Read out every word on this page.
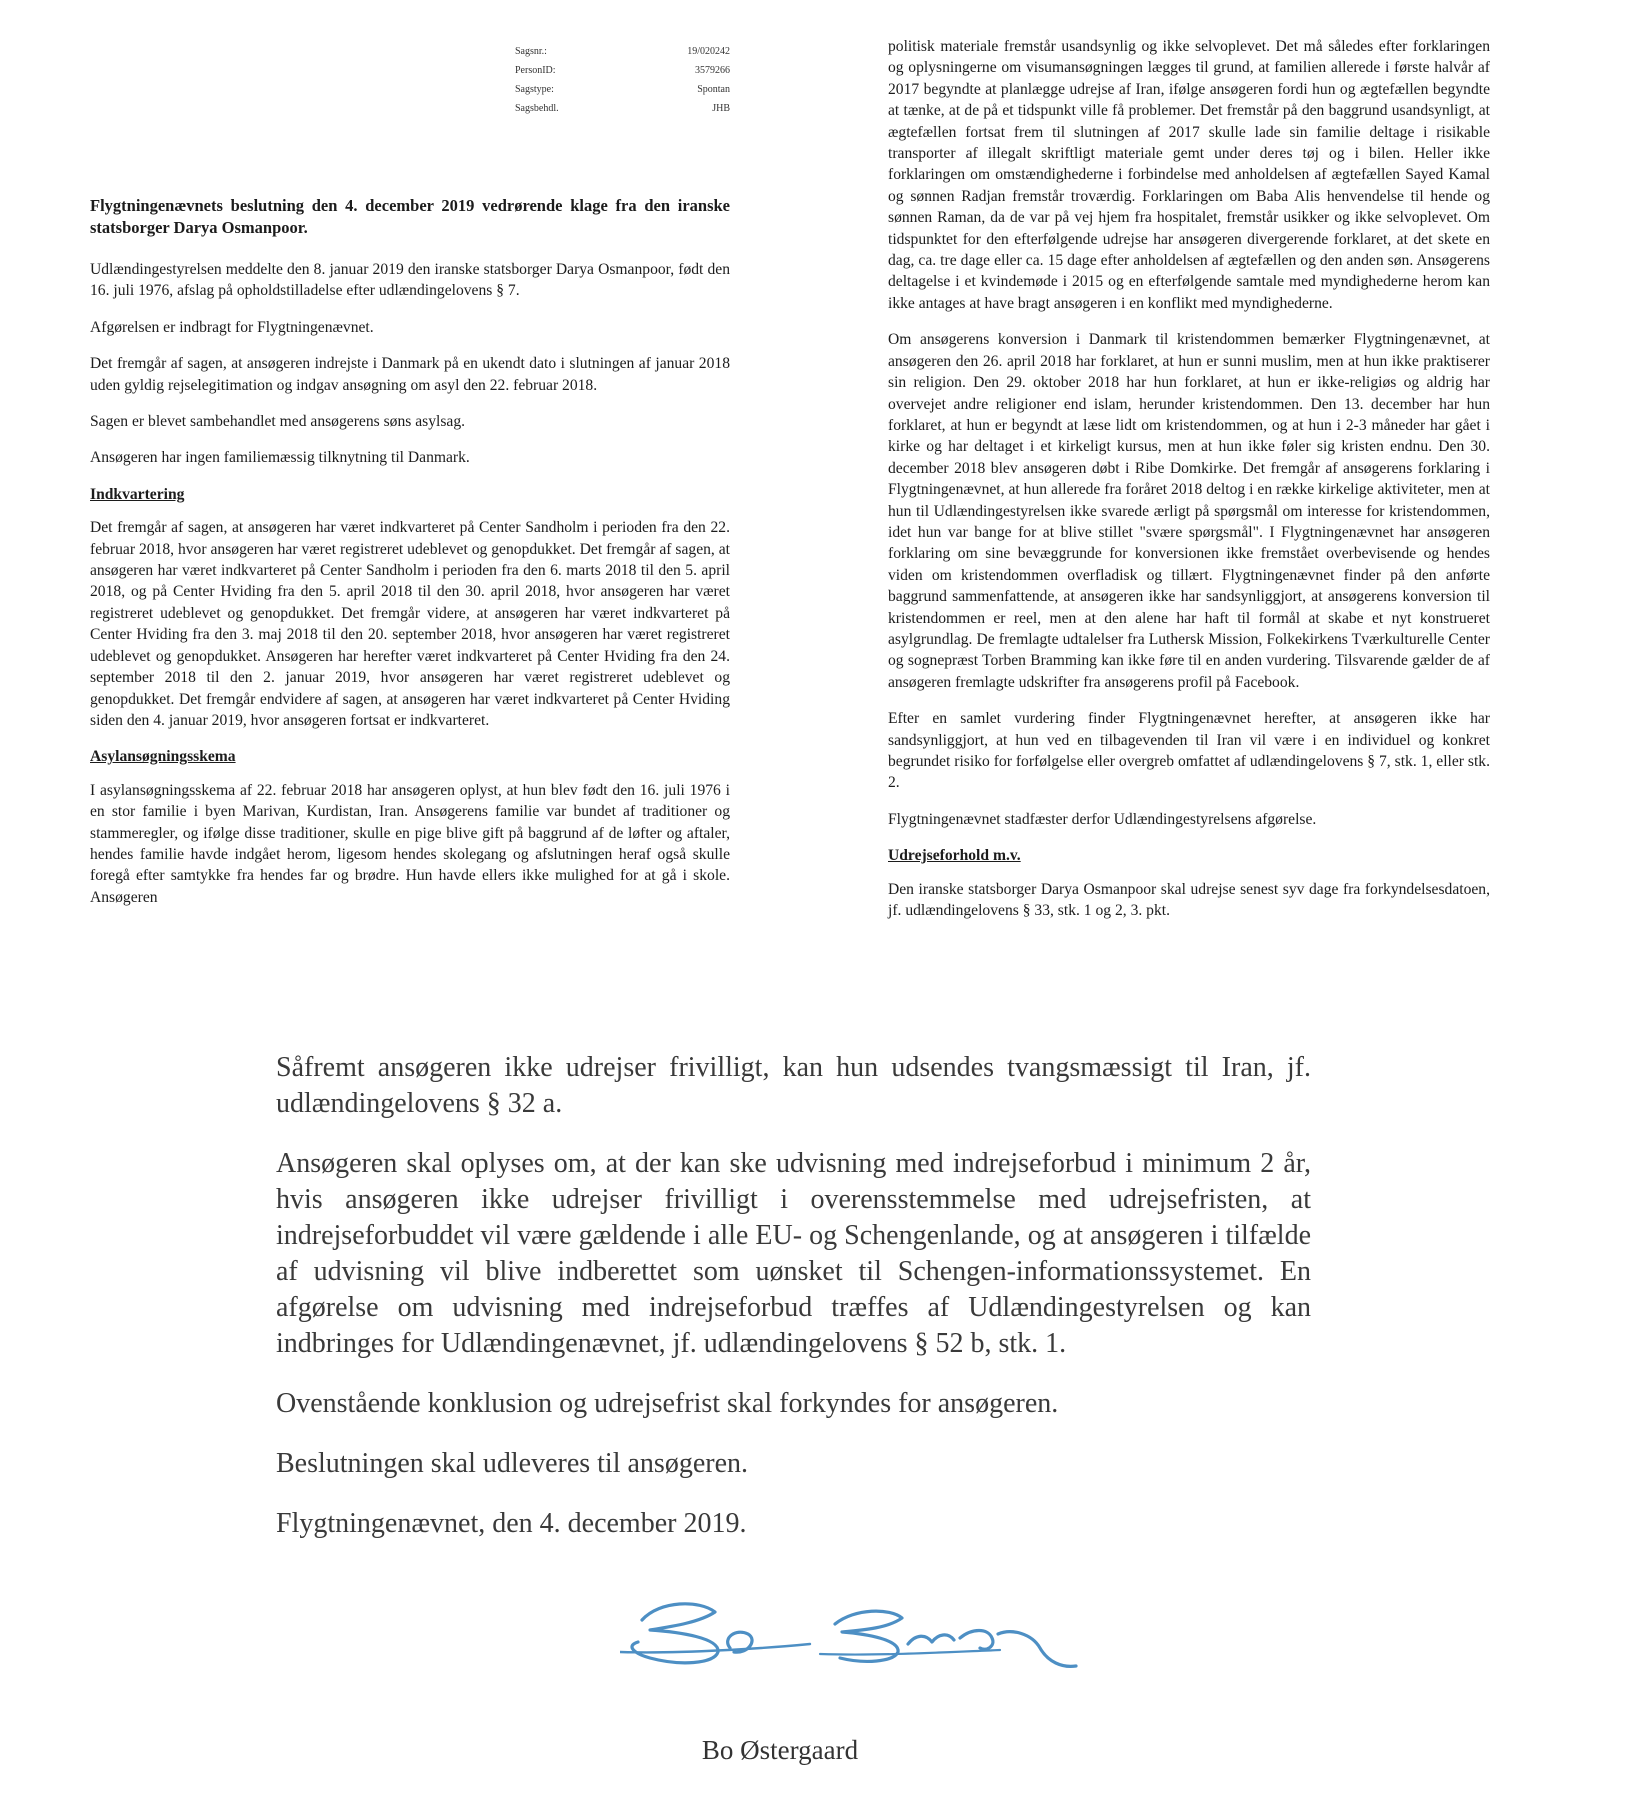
Sagsnr.:	19/020242
PersonID:	3579266
Sagstype:	Spontan
Sagsbehdl.	JHB

Flygtningenævnets beslutning den 4. december 2019 vedrørende klage fra den iranske statsborger Darya Osmanpoor.

Udlændingestyrelsen meddelte den 8. januar 2019 den iranske statsborger Darya Osmanpoor, født den 16. juli 1976, afslag på opholdstilladelse efter udlændingelovens § 7.

Afgørelsen er indbragt for Flygtningenævnet.

Det fremgår af sagen, at ansøgeren indrejste i Danmark på en ukendt dato i slutningen af januar 2018 uden gyldig rejselegitimation og indgav ansøgning om asyl den 22. februar 2018.

Sagen er blevet sambehandlet med ansøgerens søns asylsag.

Ansøgeren har ingen familiemæssig tilknytning til Danmark.

Indkvartering

Det fremgår af sagen, at ansøgeren har været indkvarteret på Center Sandholm i perioden fra den 22. februar 2018, hvor ansøgeren har været registreret udeblevet og genopdukket. Det fremgår af sagen, at ansøgeren har været indkvarteret på Center Sandholm i perioden fra den 6. marts 2018 til den 5. april 2018, og på Center Hviding fra den 5. april 2018 til den 30. april 2018, hvor ansøgeren har været registreret udeblevet og genopdukket. Det fremgår videre, at ansøgeren har været indkvarteret på Center Hviding fra den 3. maj 2018 til den 20. september 2018, hvor ansøgeren har været registreret udeblevet og genopdukket. Ansøgeren har herefter været indkvarteret på Center Hviding fra den 24. september 2018 til den 2. januar 2019, hvor ansøgeren har været registreret udeblevet og genopdukket. Det fremgår endvidere af sagen, at ansøgeren har været indkvarteret på Center Hviding siden den 4. januar 2019, hvor ansøgeren fortsat er indkvarteret.

Asylansøgningsskema

I asylansøgningsskema af 22. februar 2018 har ansøgeren oplyst, at hun blev født den 16. juli 1976 i en stor familie i byen Marivan, Kurdistan, Iran. Ansøgerens familie var bundet af traditioner og stammeregler, og ifølge disse traditioner, skulle en pige blive gift på baggrund af de løfter og aftaler, hendes familie havde indgået herom, ligesom hendes skolegang og afslutningen heraf også skulle foregå efter samtykke fra hendes far og brødre. Hun havde ellers ikke mulighed for at gå i skole. Ansøgeren

politisk materiale fremstår usandsynlig og ikke selvoplevet. Det må således efter forklaringen og oplysningerne om visumansøgningen lægges til grund, at familien allerede i første halvår af 2017 begyndte at planlægge udrejse af Iran, ifølge ansøgeren fordi hun og ægtefællen begyndte at tænke, at de på et tidspunkt ville få problemer. Det fremstår på den baggrund usandsynligt, at ægtefællen fortsat frem til slutningen af 2017 skulle lade sin familie deltage i risikable transporter af illegalt skriftligt materiale gemt under deres tøj og i bilen. Heller ikke forklaringen om omstændighederne i forbindelse med anholdelsen af ægtefællen Sayed Kamal og sønnen Radjan fremstår troværdig. Forklaringen om Baba Alis henvendelse til hende og sønnen Raman, da de var på vej hjem fra hospitalet, fremstår usikker og ikke selvoplevet. Om tidspunktet for den efterfølgende udrejse har ansøgeren divergerende forklaret, at det skete en dag, ca. tre dage eller ca. 15 dage efter anholdelsen af ægtefællen og den anden søn. Ansøgerens deltagelse i et kvindemøde i 2015 og en efterfølgende samtale med myndighederne herom kan ikke antages at have bragt ansøgeren i en konflikt med myndighederne.

Om ansøgerens konversion i Danmark til kristendommen bemærker Flygtningenævnet, at ansøgeren den 26. april 2018 har forklaret, at hun er sunni muslim, men at hun ikke praktiserer sin religion. Den 29. oktober 2018 har hun forklaret, at hun er ikke-religiøs og aldrig har overvejet andre religioner end islam, herunder kristendommen. Den 13. december har hun forklaret, at hun er begyndt at læse lidt om kristendommen, og at hun i 2-3 måneder har gået i kirke og har deltaget i et kirkeligt kursus, men at hun ikke føler sig kristen endnu. Den 30. december 2018 blev ansøgeren døbt i Ribe Domkirke. Det fremgår af ansøgerens forklaring i Flygtningenævnet, at hun allerede fra foråret 2018 deltog i en række kirkelige aktiviteter, men at hun til Udlændingestyrelsen ikke svarede ærligt på spørgsmål om interesse for kristendommen, idet hun var bange for at blive stillet "svære spørgsmål". I Flygtningenævnet har ansøgeren forklaring om sine bevæggrunde for konversionen ikke fremstået overbevisende og hendes viden om kristendommen overfladisk og tillært. Flygtningenævnet finder på den anførte baggrund sammenfattende, at ansøgeren ikke har sandsynliggjort, at ansøgerens konversion til kristendommen er reel, men at den alene har haft til formål at skabe et nyt konstrueret asylgrundlag. De fremlagte udtalelser fra Luthersk Mission, Folkekirkens Tværkulturelle Center og sognepræst Torben Bramming kan ikke føre til en anden vurdering. Tilsvarende gælder de af ansøgeren fremlagte udskrifter fra ansøgerens profil på Facebook.

Efter en samlet vurdering finder Flygtningenævnet herefter, at ansøgeren ikke har sandsynliggjort, at hun ved en tilbagevenden til Iran vil være i en individuel og konkret begrundet risiko for forfølgelse eller overgreb omfattet af udlændingelovens § 7, stk. 1, eller stk. 2.

Flygtningenævnet stadfæster derfor Udlændingestyrelsens afgørelse.

Udrejseforhold m.v.

Den iranske statsborger Darya Osmanpoor skal udrejse senest syv dage fra forkyndelsesdatoen, jf. udlændingelovens § 33, stk. 1 og 2, 3. pkt.

Såfremt ansøgeren ikke udrejser frivilligt, kan hun udsendes tvangsmæssigt til Iran, jf. udlændingelovens § 32 a.

Ansøgeren skal oplyses om, at der kan ske udvisning med indrejseforbud i minimum 2 år, hvis ansøgeren ikke udrejser frivilligt i overensstemmelse med udrejsefristen, at indrejseforbuddet vil være gældende i alle EU- og Schengenlande, og at ansøgeren i tilfælde af udvisning vil blive indberettet som uønsket til Schengen-informationssystemet. En afgørelse om udvisning med indrejseforbud træffes af Udlændingestyrelsen og kan indbringes for Udlændingenævnet, jf. udlændingelovens § 52 b, stk. 1.

Ovenstående konklusion og udrejsefrist skal forkyndes for ansøgeren.

Beslutningen skal udleveres til ansøgeren.

Flygtningenævnet, den 4. december 2019.

Bo Østergaard
